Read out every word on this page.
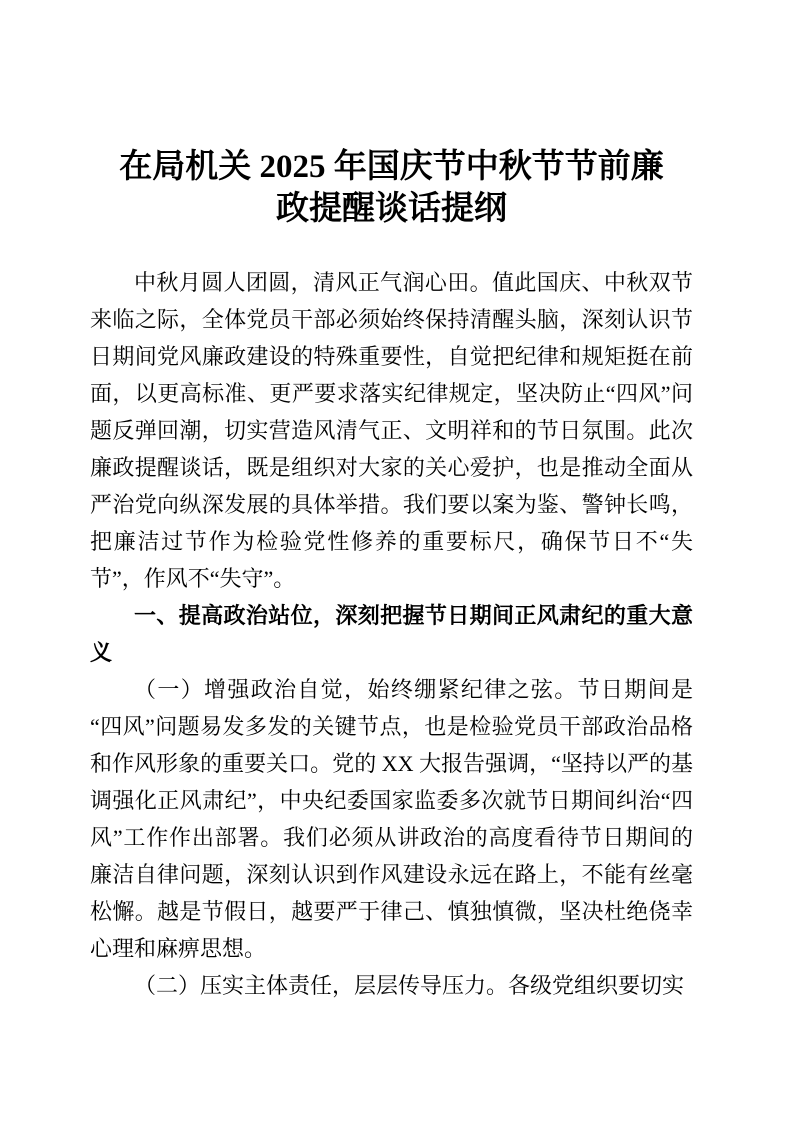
在局机关 2025 年国庆节中秋节节前廉政提醒谈话提纲

中秋月圆人团圆，清风正气润心田。值此国庆、中秋双节来临之际，全体党员干部必须始终保持清醒头脑，深刻认识节日期间党风廉政建设的特殊重要性，自觉把纪律和规矩挺在前面，以更高标准、更严要求落实纪律规定，坚决防止“四风”问题反弹回潮，切实营造风清气正、文明祥和的节日氛围。此次廉政提醒谈话，既是组织对大家的关心爱护，也是推动全面从严治党向纵深发展的具体举措。我们要以案为鉴、警钟长鸣，把廉洁过节作为检验党性修养的重要标尺，确保节日不“失节”，作风不“失守”。

一、提高政治站位，深刻把握节日期间正风肃纪的重大意义

（一）增强政治自觉，始终绷紧纪律之弦。节日期间是“四风”问题易发多发的关键节点，也是检验党员干部政治品格和作风形象的重要关口。党的 XX 大报告强调，“坚持以严的基调强化正风肃纪”，中央纪委国家监委多次就节日期间纠治“四风”工作作出部署。我们必须从讲政治的高度看待节日期间的廉洁自律问题，深刻认识到作风建设永远在路上，不能有丝毫松懈。越是节假日，越要严于律己、慎独慎微，坚决杜绝侥幸心理和麻痹思想。

（二）压实主体责任，层层传导压力。各级党组织要切实
